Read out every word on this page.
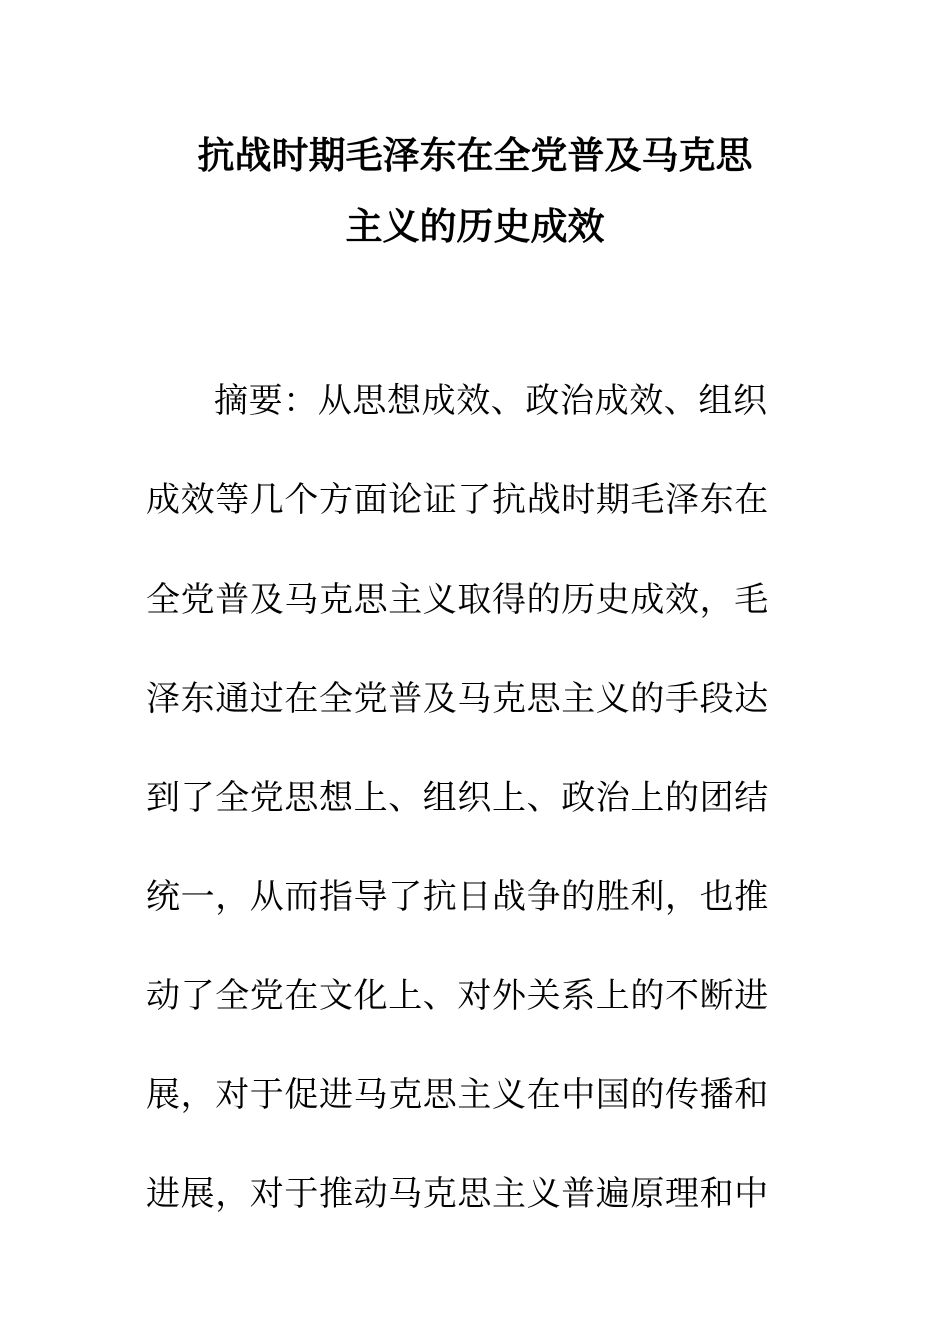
抗战时期毛泽东在全党普及马克思
主义的历史成效
摘要：从思想成效、政治成效、组织
成效等几个方面论证了抗战时期毛泽东在
全党普及马克思主义取得的历史成效，毛
泽东通过在全党普及马克思主义的手段达
到了全党思想上、组织上、政治上的团结
统一，从而指导了抗日战争的胜利，也推
动了全党在文化上、对外关系上的不断进
展，对于促进马克思主义在中国的传播和
进展，对于推动马克思主义普遍原理和中
